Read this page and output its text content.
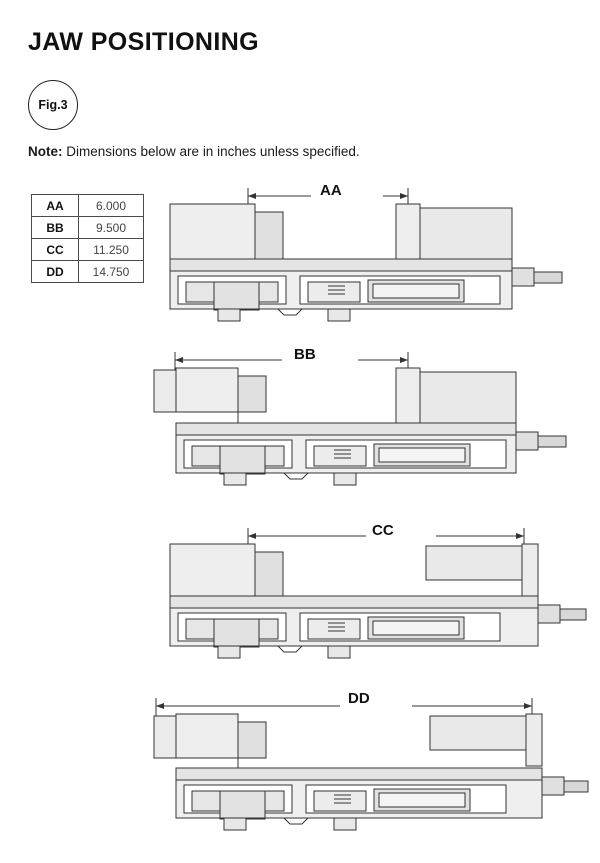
JAW POSITIONING
Fig.3
Note: Dimensions below are in inches unless specified.
AA	6.000
BB	9.500
CC	11.250
DD	14.750
AA
BB
CC
DD
